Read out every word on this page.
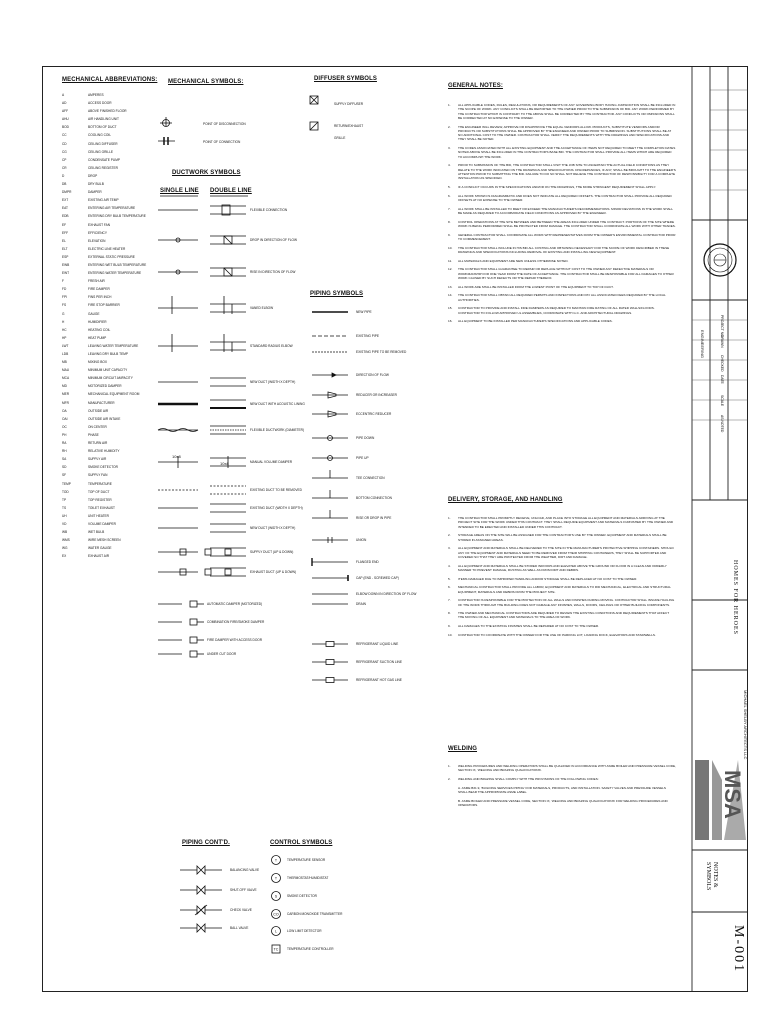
MECHANICAL ABBREVIATIONS:
A	AMPERES
AD	ACCESS DOOR
AFF	ABOVE FINISHED FLOOR
AHU	AIR HANDLING UNIT
BOD	BOTTOM OF DUCT
CC	COOLING COIL
CD	CEILING DIFFUSER
CG	CEILING GRILLE
CP	CONDENSATE PUMP
CR	CEILING REGISTER
D	DROP
DB	DRY BULB
DMPR	DAMPER
EXT	EXISTING AIR TEMP
EAT	ENTERING AIR TEMPERATURE
EDB	ENTERING DRY BULB TEMPERATURE
EF	EXHAUST FAN
EFF	EFFICIENCY
EL	ELEVATION
ELT	ELECTRIC LINE HEATER
ESP	EXTERNAL STATIC PRESSURE
EWB	ENTERING WET BULB TEMPERATURE
EWT	ENTERING WATER TEMPERATURE
F	FRESH AIR
FD	FIRE DAMPER
FPI	FINS PER INCH
FS	FIRE STOP BARRIER
G	GAUGE
H	HUMIDIFIER
HC	HEATING COIL
HP	HEAT PUMP
LWT	LEAVING WATER TEMPERATURE
LDB	LEAVING DRY BULB TEMP
MB	MIXING BOX
MAU	MINIMUM UNIT CAPACITY
MCA	MINIMUM CIRCUIT AMPACITY
MD	MOTORIZED DAMPER
MER	MECHANICAL EQUIPMENT ROOM
MFR	MANUFACTURER
OA	OUTSIDE AIR
OAI	OUTSIDE AIR INTAKE
OC	ON CENTER
PH	PHASE
RA	RETURN AIR
RH	RELATIVE HUMIDITY
SA	SUPPLY AIR
SD	SMOKE DETECTOR
SF	SUPPLY FAN
TEMP	TEMPERATURE
TOD	TOP OF DUCT
TP	TOP REGISTER
TS	TOILET EXHAUST
UH	UNIT HEATER
VD	VOLUME DAMPER
WB	WET BULB
WMS	WIRE MESH SCREEN
WG	WATER GAUGE
EX	EXHAUST AIR
MECHANICAL SYMBOLS:
POINT OF DISCONNECTION
POINT OF CONNECTION
DIFFUSER SYMBOLS
SUPPLY DIFFUSER
RETURN/EXHAUST
GRILLE
DUCTWORK SYMBOLS
SINGLE LINE DOUBLE LINE
FLEXIBLE CONNECTION
DROP IN DIRECTION OF FLOW
RISE IN DIRECTION OF FLOW
VANED ELBOW
STANDARD RADIUS ELBOW
NEW DUCT (WIDTH X DEPTH)
NEW DUCT WITH ACOUSTIC LINING
FLEXIBLE DUCTWORK (DIAMETER)
MANUAL VOLUME DAMPER
EXISTING DUCT TO BE REMOVED
EXISTING DUCT (WIDTH X DEPTH)
NEW DUCT (WIDTH X DEPTH)
SUPPLY DUCT (UP & DOWN)
EXHAUST DUCT (UP & DOWN)
AUTOMATIC DAMPER (MOTORIZED)
COMBINATION FIRE/SMOKE DAMPER
FIRE DAMPER WITH ACCESS DOOR
UNDER CUT DOOR
10x8
10x8
PIPING SYMBOLS
NEW PIPE
EXISTING PIPE
EXISTING PIPE TO BE REMOVED
DIRECTION OF FLOW
REDUCER OR INCREASER
ECCENTRIC REDUCER
PIPE DOWN
PIPE UP
TEE CONNECTION
BOTTOM CONNECTION
RISE OR DROP IN PIPE
UNION
FLANGED END
CAP (END - SCREWED CAP)
ELBOW DOWN IN DIRECTION OF FLOW
DRAIN
REFRIGERANT LIQUID LINE
REFRIGERANT SUCTION LINE
REFRIGERANT HOT GAS LINE
PIPING CONT'D.
BALANCING VALVE
SHUT-OFF VALVE
CHECK VALVE
BALL VALVE
CONTROL SYMBOLS
TEMPERATURE SENSOR
THERMOSTAT/HUMIDISTAT
SMOKE DETECTOR
CARBON MONOXIDE TRANSMITTER
LOW LIMIT DETECTOR
TEMPERATURE CONTROLLER
GENERAL NOTES:
1.	ALL APPLICABLE CODES, RULES, REGULATIONS, OR REQUIREMENTS OF ANY GOVERNING BODY HAVING JURISDICTION SHALL BE INCLUDED IN THE SCOPE OF WORK. ANY CONFLICTS SHALL BE REPORTED TO THE OWNER PRIOR TO THE SUBMISSION OF BID. ANY WORK PERFORMED BY THE CONTRACTOR WHICH IS CONTRARY TO THE ABOVE SHALL BE CORRECTED BY THE CONTRACTOR. ANY CONFLICTS OR OMISSIONS SHALL BE CORRECTED AT NO EXPENSE TO THE OWNER.
2.	THE ENGINEER WILL REVIEW, APPROVE OR DISAPPROVE THE EQUAL VENDORS ALLOW. PRODUCTS, SUBSTITUTE VENDORS AND/OR PRODUCTS OR SUBSTITUTIONS SHALL BE APPROVED BY THE ENGINEER AND OWNER PRIOR TO SUBMISSION. SUBSTITUTIONS SHALL BE AT NO ADDITIONAL COST TO THE OWNER. CONTRACTOR SHALL VERIFY THE REQUIREMENTS WITH THE DRAWINGS AND SPECIFICATIONS AND THEY SHALL BE NOTED.
3.	THE CODES ASSOCIATED WITH ALL EXISTING EQUIPMENT AND THE ACCEPTANCE OF ITEMS NOT REQUIRED TO MEET THE COMPLETION DATES NOTED ABOVE SHALL BE INCLUDED IN THE CONTRACTOR'S BASE BID. THE CONTRACTOR SHALL PROVIDE ALL ITEMS WHICH ARE REQUIRED TO ACCOMPLISH THE WORK.
4.	PRIOR TO SUBMISSION OF THE BID, THE CONTRACTOR SHALL VISIT THE JOB SITE TO ASCERTAIN THE ACTUAL FIELD CONDITIONS AS THEY RELATE TO THE WORK INDICATED ON THE DRAWINGS AND SPECIFICATIONS. DISCREPANCIES, IF ANY, SHALL BE BROUGHT TO THE ENGINEER'S ATTENTION PRIOR TO SUBMITTING THE BID. FAILURE TO DO SO SHALL NOT RELIEVE THE CONTRACTOR OF RESPONSIBILITY FOR A COMPLETE INSTALLATION AS SPECIFIED.
5.	IF A CONFLICT OCCURS IN THE SPECIFICATIONS AND/OR ON THE DRAWINGS, THE MORE STRINGENT REQUIREMENT SHALL APPLY.
6.	ALL WORK SHOWN IS DIAGRAMMATIC AND DOES NOT INDICATE ALL REQUIRED OFFSETS. THE CONTRACTOR SHALL PROVIDE ALL REQUIRED OFFSETS AT NO EXPENSE TO THE OWNER.
7.	ALL WORK SHALL BE INSTALLED TO MEET OR EXCEED THE MANUFACTURER'S RECOMMENDATIONS. MINOR DEVIATIONS IN THE WORK SHALL BE MADE AS REQUIRED TO ACCOMMODATE FIELD CONDITIONS AS APPROVED BY THE ENGINEER.
8.	CONTROL OPERATIONS AT THE SITE BETWEEN AND BETWEEN THE AREAS INCLUDED UNDER THE CONTRACT. PORTIONS OF THE SITE WHERE WORK IS BEING PERFORMED SHALL BE PROTECTED FROM DAMAGE. THE CONTRACTOR SHALL COORDINATE ALL WORK WITH OTHER TRADES.
9.	GENERAL CONTRACTOR SHALL COORDINATE ALL WORK WITH REPRESENTATIVES FROM THE OWNER'S ENVIRONMENTAL CONTRACTOR PRIOR TO COMMENCEMENT.
10.	THE CONTRACTOR SHALL INCLUDE IN HIS BID ALL COSTING AND OBTAINING NECESSARY FOR THE SCOPE OF WORK DESCRIBED IN THESE DRAWINGS AND SPECIFICATIONS INCLUDING REMOVAL OF EXISTING AND INSTALLING NEW EQUIPMENT.
11.	ALL MATERIALS AND EQUIPMENT ARE NEW UNLESS OTHERWISE NOTED.
12.	THE CONTRACTOR SHALL GUARANTEE TO REPAIR OR REPLACE WITHOUT COST TO THE OWNER ANY DEFECTIVE MATERIALS OR WORKMANSHIP FOR ONE YEAR FROM THE DATE OF ACCEPTANCE. THE CONTRACTOR SHALL BE RESPONSIBLE FOR ALL DAMAGES TO OTHER WORK CAUSED BY SUCH DEFECTS OR THE REPAIR THEREOF.
13.	ALL WORK ARE SHALL BE INSTALLED FROM THE LOWEST POINT OF THE EQUIPMENT TO TOP OF DUCT.
14.	THE CONTRACTOR SHALL OBTAIN ALL REQUIRED PERMITS AND INSPECTIONS AND PAY ALL ASSOCIATED FEES REQUIRED BY THE LOCAL AUTHORITIES.
15.	CONTRACTOR TO PROVIDE AND INSTALL FIRE DAMPERS AS REQUIRED TO MAINTAIN FIRE RATING OF ALL RATED WALLS/FLOORS. CONTRACTOR TO FOLLOW APPROVED UL ASSEMBLIES, COORDINATE WITH G.C. AND ARCHITECTURAL DRAWINGS.
16.	ALL EQUIPMENT TO BE INSTALLED PER MANUFACTURER'S SPECIFICATIONS AND APPLICABLE CODES.
DELIVERY, STORAGE, AND HANDLING
1.	THE CONTRACTOR SHALL PROMPTLY RECEIVE, UNLOAD, AND PLACE INTO STORAGE ALL EQUIPMENT AND MATERIALS ARRIVING AT THE PROJECT SITE FOR THE WORK UNDER THIS CONTRACT. THEY SHALL REQUIRE EQUIPMENT AND MATERIALS FURNISHED BY THE OWNER AND INTENDED TO BE ERECTED AND INSTALLED UNDER THIS CONTRACT.
2.	STORAGE AREAS ON THE SITE WILL BE ASSIGNED FOR THE CONTRACTOR'S USE BY THE OWNER. EQUIPMENT AND MATERIALS SHALL BE STORED IN ASSIGNED AREAS.
3.	ALL EQUIPMENT AND MATERIALS SHALL BE DELIVERED TO THE SITE IN THE MANUFACTURER'S PROTECTIVE SHIPPING CONTAINERS. SHOULD ANY OF THE EQUIPMENT AND MATERIALS NEED TO BE REMOVED FROM THEIR SHIPPING CONTAINERS, THEY SHALL BE SUPPORTED AND COVERED SO THAT THEY ARE PROTECTED FROM THE WEATHER, DIRT AND DAMAGE.
4.	ALL EQUIPMENT AND MATERIALS SHALL BE STORED INDOORS AND ELEVATED ABOVE THE GROUND OR FLOOR IN A CLEAN AND ORDERLY MANNER TO PREVENT DAMAGE, RUSTING AS WELL AS FROM DIRT AND DEBRIS.
5.	ITEMS DAMAGED DUE TO IMPROPER HANDLING AND/OR STORAGE SHALL BE REPLACED AT NO COST TO THE OWNER.
6.	MECHANICAL CONTRACTOR SHALL PROVIDE ALL LABOR, EQUIPMENT AND MATERIALS TO RID MECHANICAL, ELECTRICAL AND STRUCTURAL EQUIPMENT, MATERIALS AND DEBRIS FROM THE PROJECT SITE.
7.	CONTRACTOR IS RESPONSIBLE FOR THE PROTECTION OF ALL WALLS AND FINISHES DURING MOVING. CONTRACTOR SHALL INSURE HAULING OF THE WORK THROUGH THE BUILDING DOES NOT DAMAGE ANY FINISHES, WALLS, DOORS, CEILINGS OR OTHER BUILDING COMPONENTS.
8.	THE OWNER AND MECHANICAL CONTRACTORS ARE REQUIRED TO REVIEW THE EXISTING CONDITIONS AND REQUIREMENTS THAT AFFECT THE MOVING OF ALL EQUIPMENT AND MATERIALS TO THE AREA OF WORK.
9.	ALL DAMAGES TO THE EXISTING FINISHES SHALL BE REPAIRED AT NO COST TO THE OWNER.
10.	CONTRACTOR TO COORDINATE WITH THE OWNER FOR THE USE OF PARKING LOT, LOADING DOCK, ELEVATORS AND STAIRWELLS.
WELDING
1.	WELDING PROCEDURES AND WELDING OPERATORS SHALL BE QUALIFIED IN ACCORDANCE WITH ASME BOILER AND PRESSURE VESSEL CODE, SECTION IX, 'WELDING AND BRAZING QUALIFICATIONS'.
2.	WELDING AND BRAZING SHALL COMPLY WITH THE PROVISIONS OF THE FOLLOWING CODES:
A. ASME B31.9, 'BUILDING SERVICES PIPING' FOR MATERIALS, PRODUCTS, AND INSTALLATION. SAFETY VALVES AND PRESSURE VESSELS SHALL BEAR THE APPROPRIATE ASME LABEL.
B. ASME BOILER AND PRESSURE VESSEL CODE, SECTION IX, 'WELDING AND BRAZING QUALIFICATIONS' FOR WELDING PROCEDURES AND OPERATORS.
T
T
S
CO
L
TC
HOMES FOR HEROES
MICHAEL SHELBY ARCHITECTS LLC
MSA
NOTES &
SYMBOLS
M-001
ENGINEERING
PROJECT NO.
DRAWN
CHECKED
DATE
SCALE
AS NOTED
